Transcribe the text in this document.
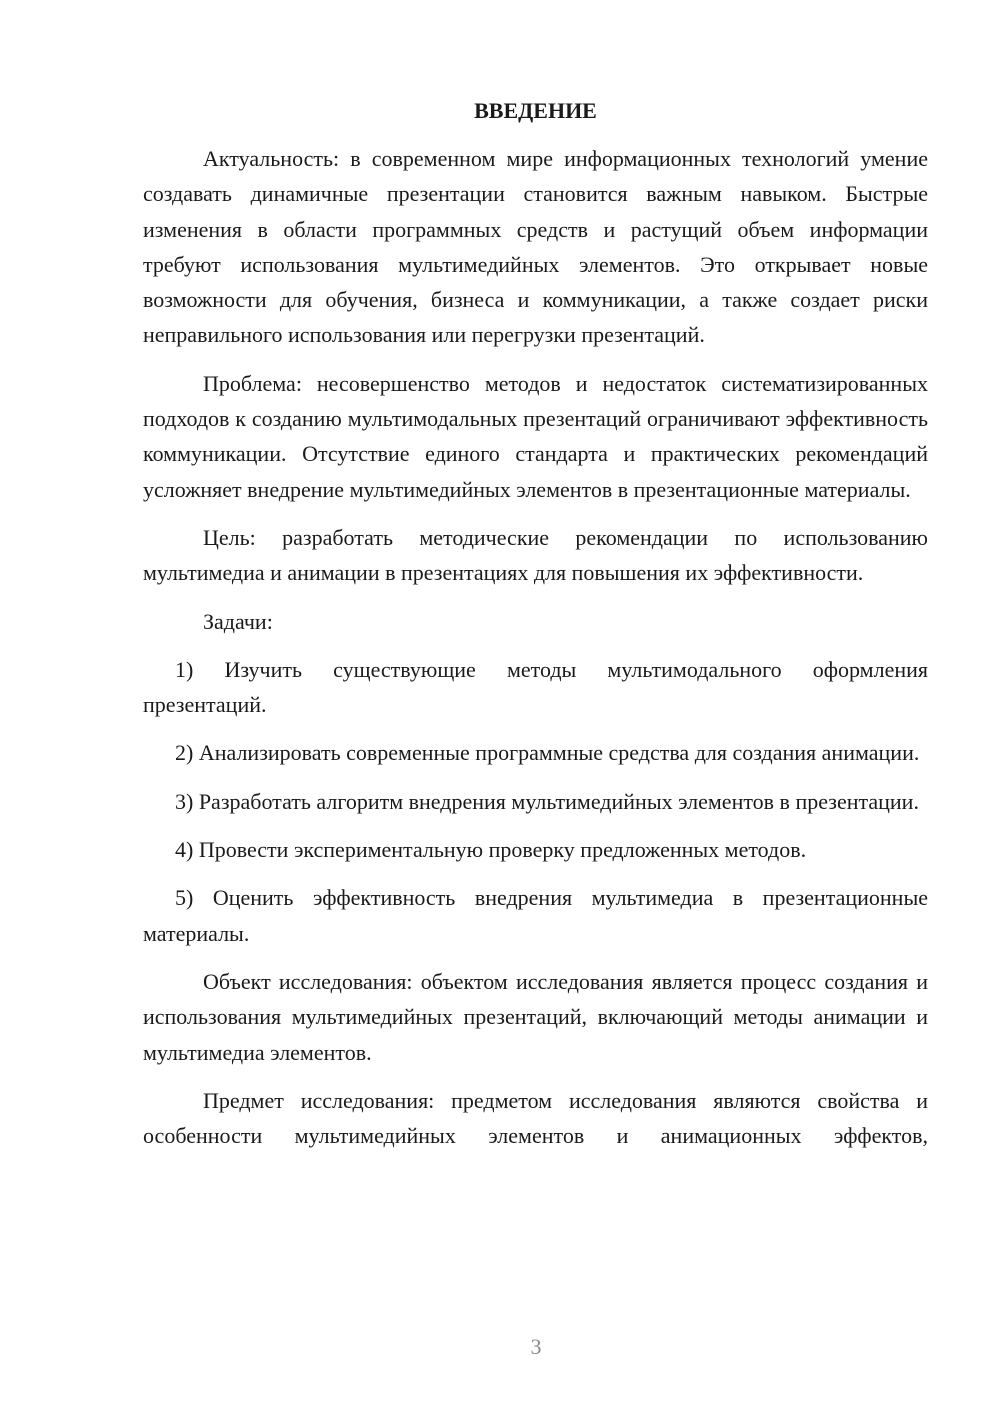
ВВЕДЕНИЕ

Актуальность: в современном мире информационных технологий умение создавать динамичные презентации становится важным навыком. Быстрые изменения в области программных средств и растущий объем информации требуют использования мультимедийных элементов. Это открывает новые возможности для обучения, бизнеса и коммуникации, а также создает риски неправильного использования или перегрузки презентаций.

Проблема: несовершенство методов и недостаток систематизированных подходов к созданию мультимодальных презентаций ограничивают эффективность коммуникации. Отсутствие единого стандарта и практических рекомендаций усложняет внедрение мультимедийных элементов в презентационные материалы.

Цель: разработать методические рекомендации по использованию мультимедиа и анимации в презентациях для повышения их эффективности.

Задачи:

1) Изучить существующие методы мультимодального оформления презентаций.

2) Анализировать современные программные средства для создания анимации.

3) Разработать алгоритм внедрения мультимедийных элементов в презентации.

4) Провести экспериментальную проверку предложенных методов.

5) Оценить эффективность внедрения мультимедиа в презентационные материалы.

Объект исследования: объектом исследования является процесс создания и использования мультимедийных презентаций, включающий методы анимации и мультимедиа элементов.

Предмет исследования: предметом исследования являются свойства и особенности мультимедийных элементов и анимационных эффектов,

3
